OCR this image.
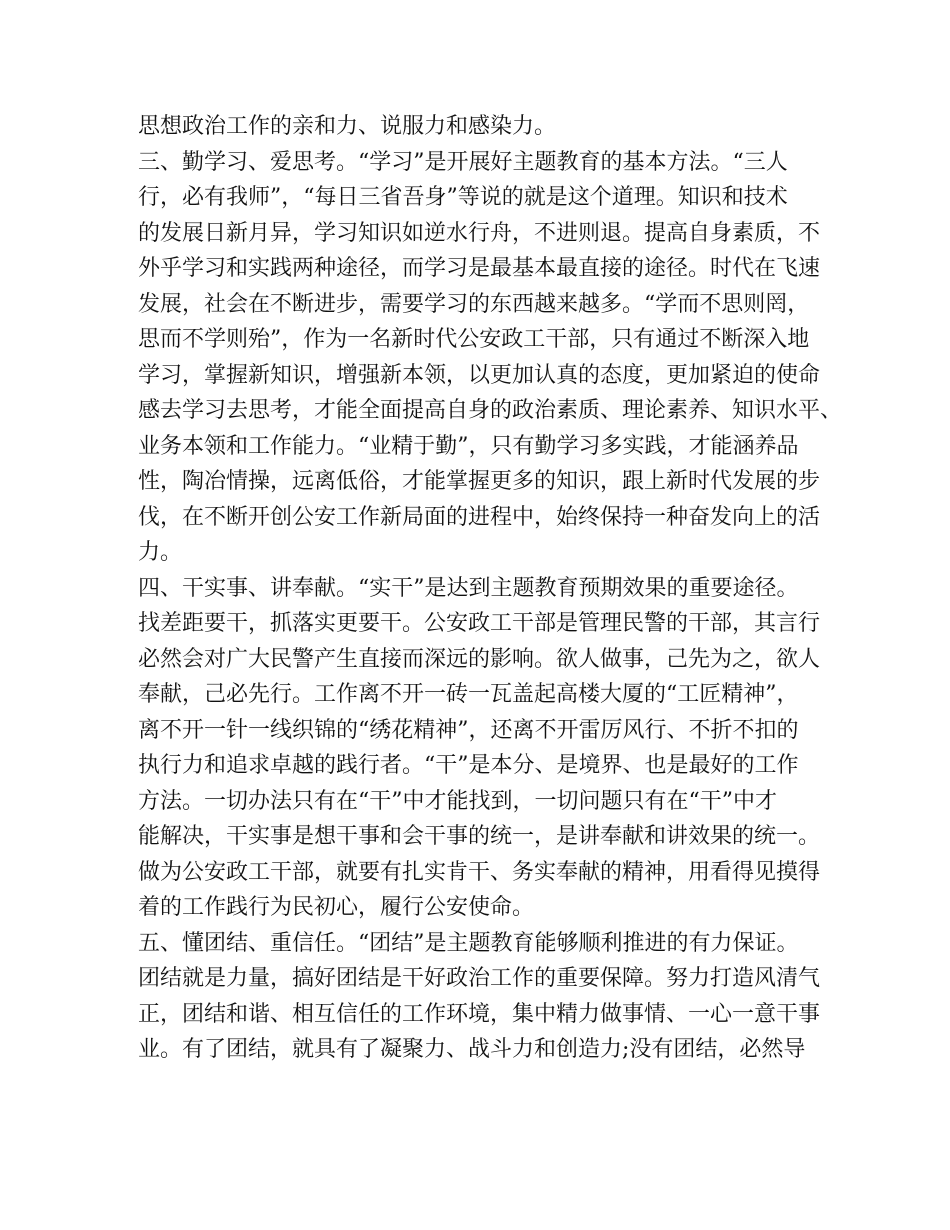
思想政治工作的亲和力、说服力和感染力。
三、勤学习、爱思考。“学习”是开展好主题教育的基本方法。“三人
行，必有我师”，“每日三省吾身”等说的就是这个道理。知识和技术
的发展日新月异，学习知识如逆水行舟，不进则退。提高自身素质，不
外乎学习和实践两种途径，而学习是最基本最直接的途径。时代在飞速
发展，社会在不断进步，需要学习的东西越来越多。“学而不思则罔，
思而不学则殆”，作为一名新时代公安政工干部，只有通过不断深入地
学习，掌握新知识，增强新本领，以更加认真的态度，更加紧迫的使命
感去学习去思考，才能全面提高自身的政治素质、理论素养、知识水平、
业务本领和工作能力。“业精于勤”，只有勤学习多实践，才能涵养品
性，陶冶情操，远离低俗，才能掌握更多的知识，跟上新时代发展的步
伐，在不断开创公安工作新局面的进程中，始终保持一种奋发向上的活
力。
四、干实事、讲奉献。“实干”是达到主题教育预期效果的重要途径。
找差距要干，抓落实更要干。公安政工干部是管理民警的干部，其言行
必然会对广大民警产生直接而深远的影响。欲人做事，己先为之，欲人
奉献，己必先行。工作离不开一砖一瓦盖起高楼大厦的“工匠精神”，
离不开一针一线织锦的“绣花精神”，还离不开雷厉风行、不折不扣的
执行力和追求卓越的践行者。“干”是本分、是境界、也是最好的工作
方法。一切办法只有在“干”中才能找到，一切问题只有在“干”中才
能解决，干实事是想干事和会干事的统一，是讲奉献和讲效果的统一。
做为公安政工干部，就要有扎实肯干、务实奉献的精神，用看得见摸得
着的工作践行为民初心，履行公安使命。
五、懂团结、重信任。“团结”是主题教育能够顺利推进的有力保证。
团结就是力量，搞好团结是干好政治工作的重要保障。努力打造风清气
正，团结和谐、相互信任的工作环境，集中精力做事情、一心一意干事
业。有了团结，就具有了凝聚力、战斗力和创造力;没有团结，必然导
